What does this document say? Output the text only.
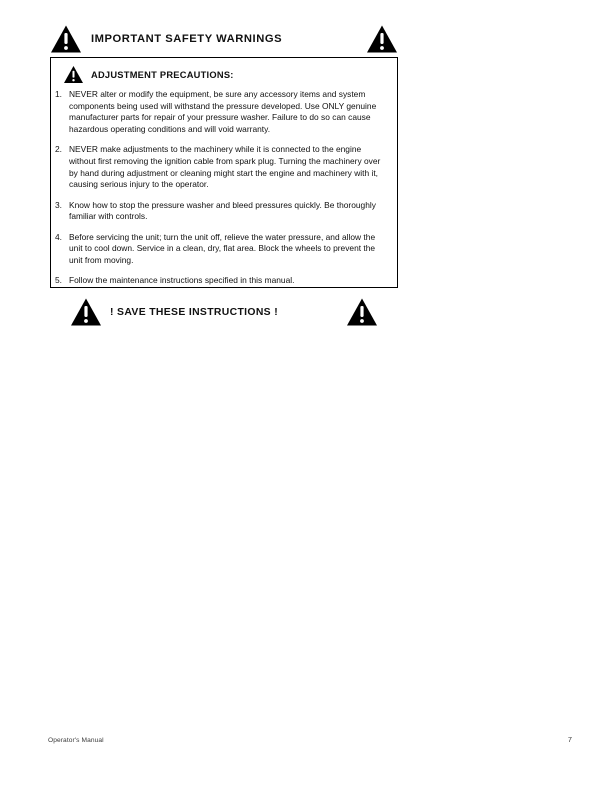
IMPORTANT SAFETY WARNINGS
ADJUSTMENT PRECAUTIONS:
1. NEVER alter or modify the equipment, be sure any accessory items and system components being used will withstand the pressure developed. Use ONLY genuine manufacturer parts for repair of your pressure washer. Failure to do so can cause hazardous operating conditions and will void warranty.
2. NEVER make adjustments to the machinery while it is connected to the engine without first removing the ignition cable from spark plug. Turning the machinery over by hand during adjustment or cleaning might start the engine and machinery with it, causing serious injury to the operator.
3. Know how to stop the pressure washer and bleed pressures quickly. Be thoroughly familiar with controls.
4. Before servicing the unit; turn the unit off, relieve the water pressure, and allow the unit to cool down. Service in a clean, dry, flat area. Block the wheels to prevent the unit from moving.
5. Follow the maintenance instructions specified in this manual.
! SAVE THESE INSTRUCTIONS !
Operator's Manual	7
